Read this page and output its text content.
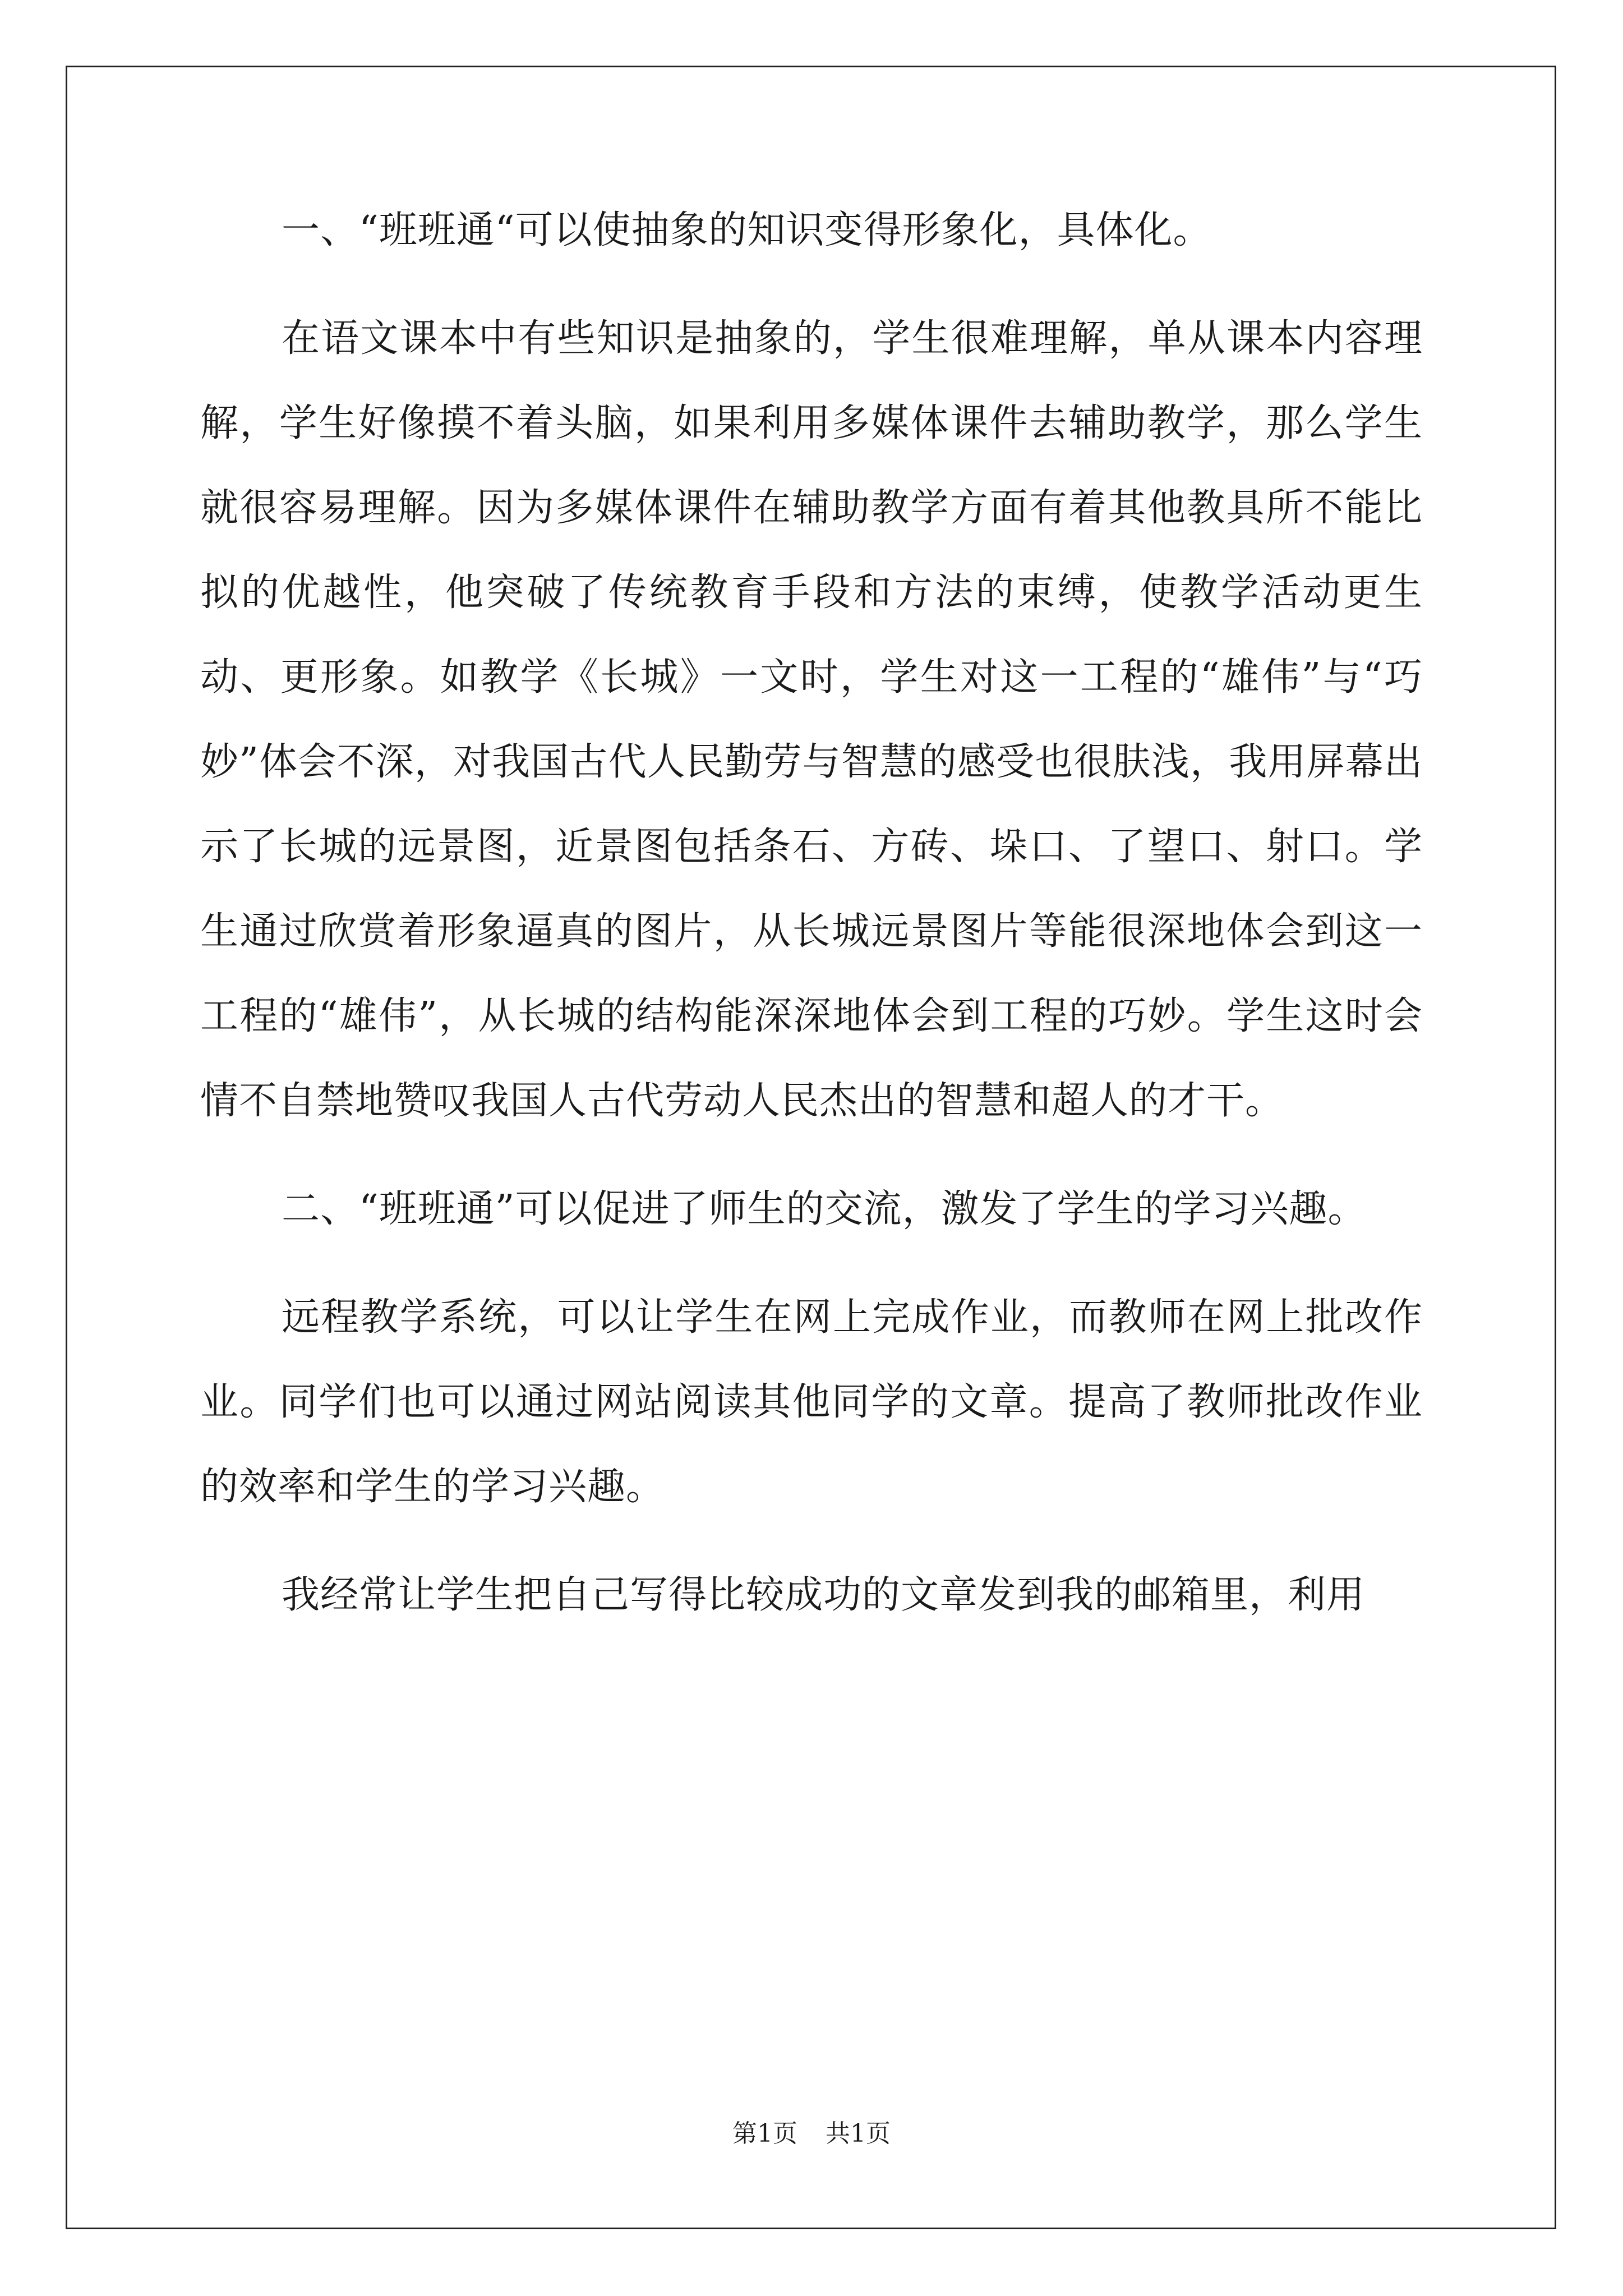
一、“班班通“可以使抽象的知识变得形象化，具体化。

在语文课本中有些知识是抽象的，学生很难理解，单从课本内容理解，学生好像摸不着头脑，如果利用多媒体课件去辅助教学，那么学生就很容易理解。因为多媒体课件在辅助教学方面有着其他教具所不能比拟的优越性，他突破了传统教育手段和方法的束缚，使教学活动更生动、更形象。如教学《长城》一文时，学生对这一工程的“雄伟”与“巧妙”体会不深，对我国古代人民勤劳与智慧的感受也很肤浅，我用屏幕出示了长城的远景图，近景图包括条石、方砖、垛口、了望口、射口。学生通过欣赏着形象逼真的图片，从长城远景图片等能很深地体会到这一工程的“雄伟”，从长城的结构能深深地体会到工程的巧妙。学生这时会情不自禁地赞叹我国人古代劳动人民杰出的智慧和超人的才干。

二、“班班通”可以促进了师生的交流，激发了学生的学习兴趣。

远程教学系统，可以让学生在网上完成作业，而教师在网上批改作业。同学们也可以通过网站阅读其他同学的文章。提高了教师批改作业的效率和学生的学习兴趣。

我经常让学生把自己写得比较成功的文章发到我的邮箱里，利用

第1页 共1页
